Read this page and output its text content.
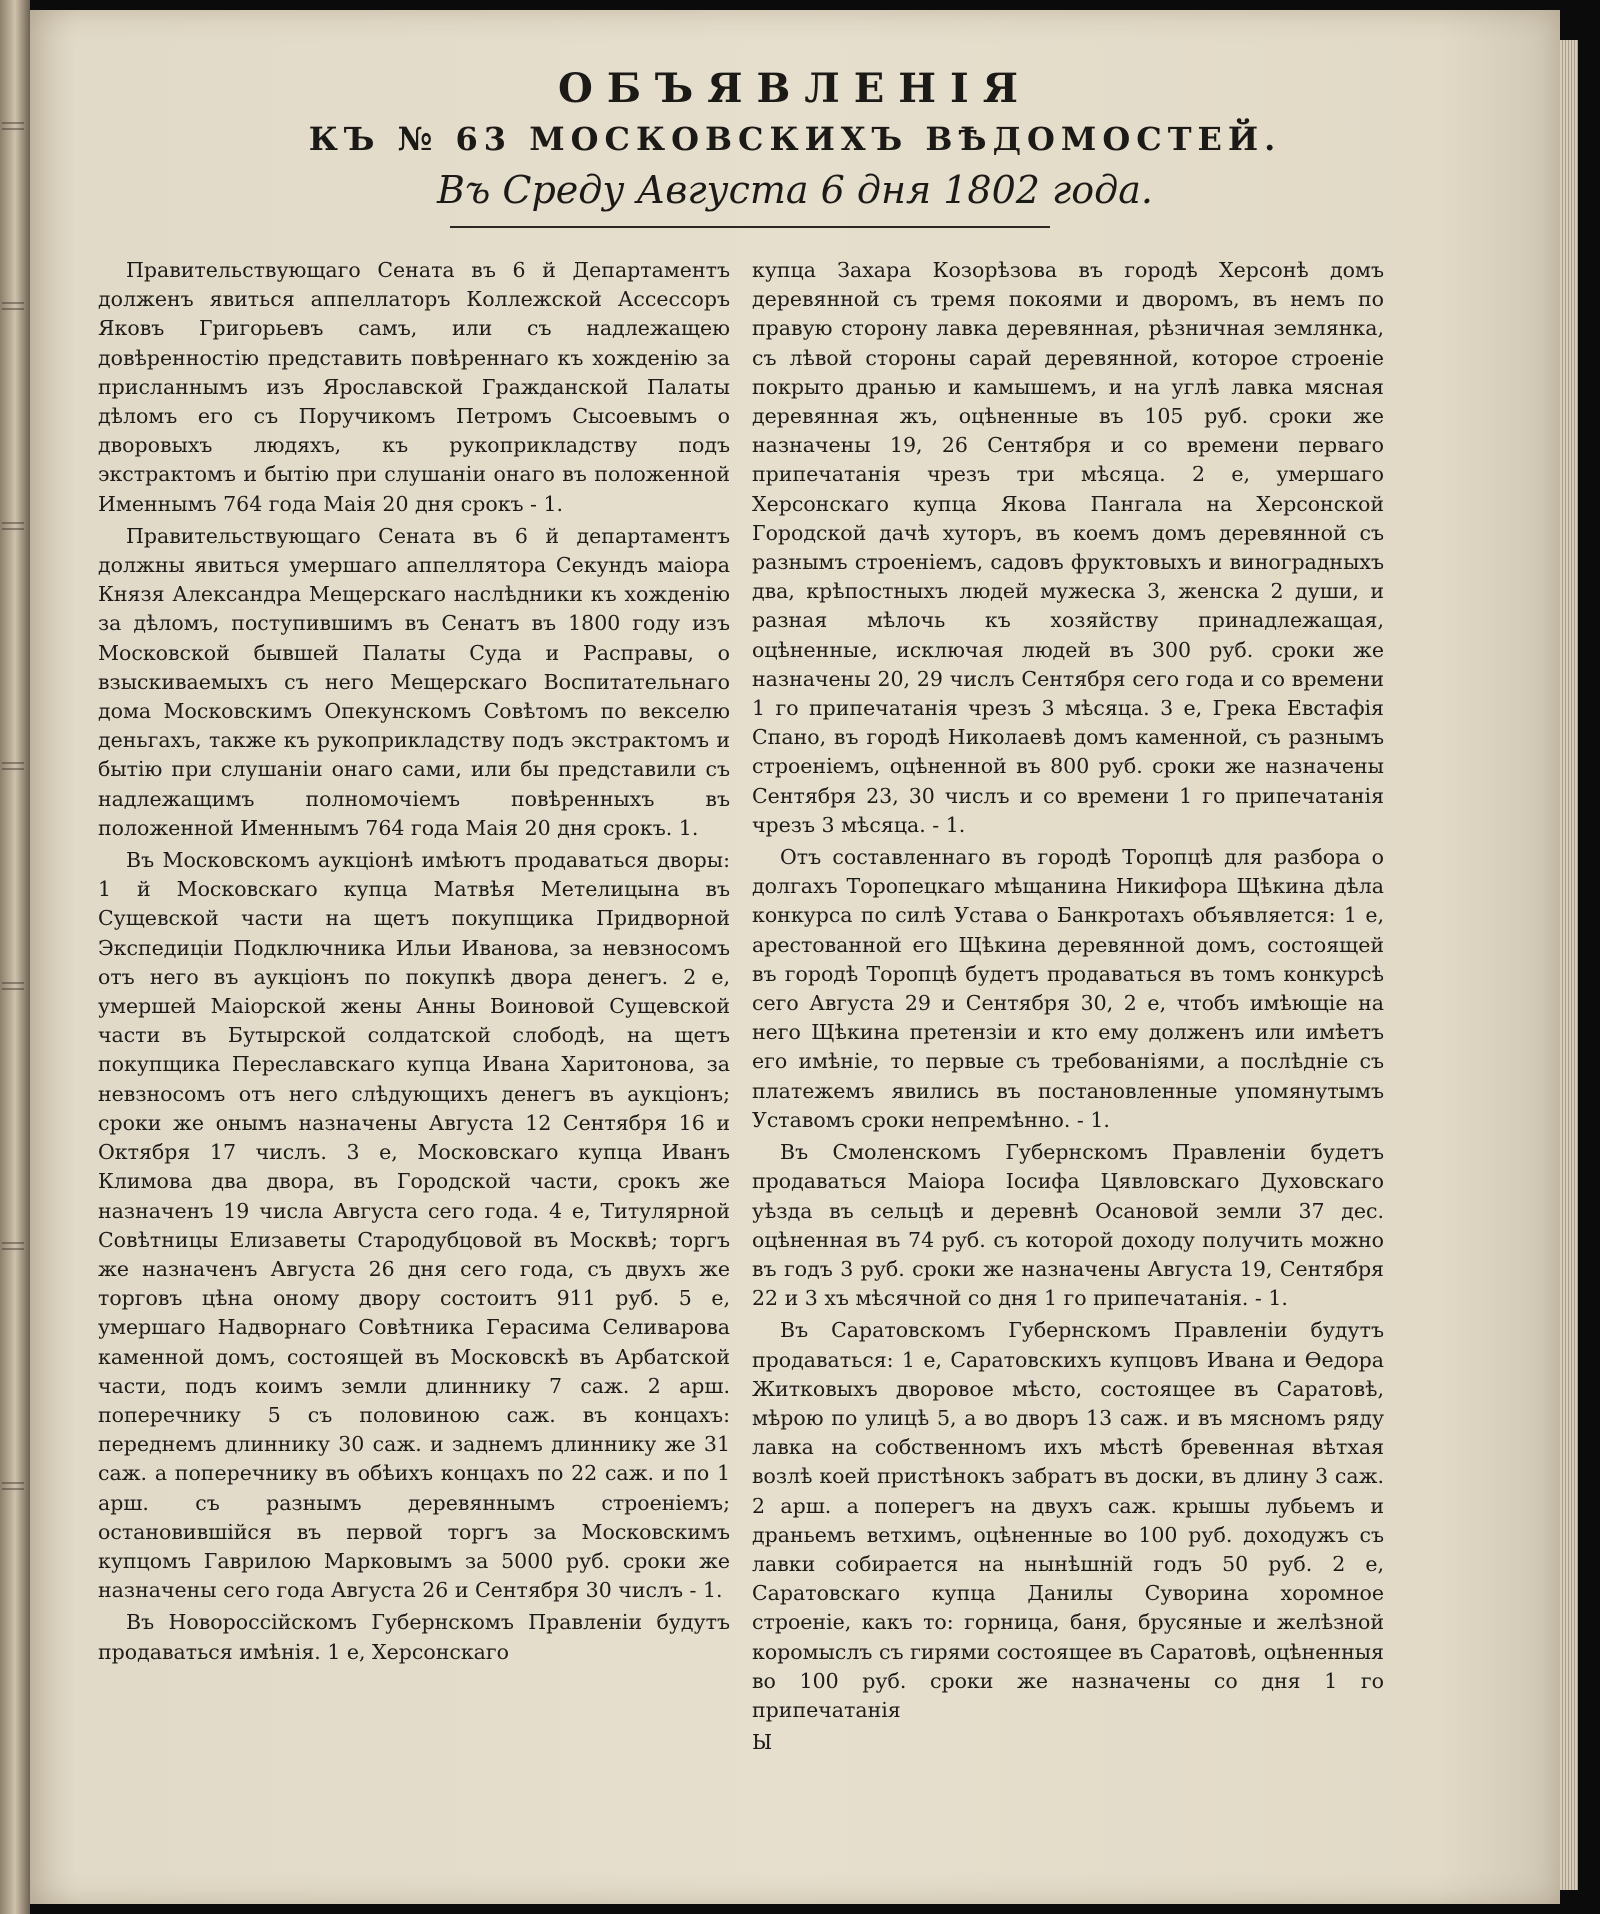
ОБЪЯВЛЕНІЯ
КЪ № 63 МОСКОВСКИХЪ ВѢДОМОСТЕЙ.
Въ Среду Августа 6 дня 1802 года.

Правительствующаго Сената въ 6 й Департаментъ долженъ явиться аппеллаторъ Коллежской Ассессоръ Яковъ Григорьевъ самъ, или съ надлежащею довѣренностію представить повѣреннаго къ хожденію за присланнымъ изъ Ярославской Гражданской Палаты дѣломъ его съ Поручикомъ Петромъ Сысоевымъ о дворовыхъ людяхъ, къ рукоприкладству подъ экстрактомъ и бытію при слушаніи онаго въ положенной Именнымъ 764 года Маія 20 дня срокъ - 1.

Правительствующаго Сената въ 6 й департаментъ должны явиться умершаго аппеллятора Секундъ маіора Князя Александра Мещерскаго наслѣдники къ хожденію за дѣломъ, поступившимъ въ Сенатъ въ 1800 году изъ Московской бывшей Палаты Суда и Расправы, о взыскиваемыхъ съ него Мещерскаго Воспитательнаго дома Московскимъ Опекунскомъ Совѣтомъ по векселю деньгахъ, также къ рукоприкладству подъ экстрактомъ и бытію при слушаніи онаго сами, или бы представили съ надлежащимъ полномочіемъ повѣренныхъ въ положенной Именнымъ 764 года Маія 20 дня срокъ. 1.

Въ Московскомъ аукціонѣ имѣютъ продаваться дворы: 1 й Московскаго купца Матвѣя Метелицына въ Сущевской части на щетъ покупщика Придворной Экспедиціи Подключника Ильи Иванова, за невзносомъ отъ него въ аукціонъ по покупкѣ двора денегъ. 2 е, умершей Маіорской жены Анны Воиновой Сущевской части въ Бутырской солдатской слободѣ, на щетъ покупщика Переславскаго купца Ивана Харитонова, за невзносомъ отъ него слѣдующихъ денегъ въ аукціонъ; сроки же онымъ назначены Августа 12 Сентября 16 и Октября 17 числъ. 3 е, Московскаго купца Иванъ Климова два двора, въ Городской части, срокъ же назначенъ 19 числа Августа сего года. 4 е, Титулярной Совѣтницы Елизаветы Стародубцовой въ Москвѣ; торгъ же назначенъ Августа 26 дня сего года, съ двухъ же торговъ цѣна оному двору состоитъ 911 руб. 5 е, умершаго Надворнаго Совѣтника Герасима Селиварова каменной домъ, состоящей въ Московскѣ въ Арбатской части, подъ коимъ земли длиннику 7 саж. 2 арш. поперечнику 5 съ половиною саж. въ концахъ: переднемъ длиннику 30 саж. и заднемъ длиннику же 31 саж. а поперечнику въ обѣихъ концахъ по 22 саж. и по 1 арш. съ разнымъ деревяннымъ строеніемъ; остановившійся въ первой торгъ за Московскимъ купцомъ Гаврилою Марковымъ за 5000 руб. сроки же назначены сего года Августа 26 и Сентября 30 числъ - 1.

Въ Новороссійскомъ Губернскомъ Правленіи будутъ продаваться имѣнія. 1 е, Херсонскаго

купца Захара Козорѣзова въ городѣ Херсонѣ домъ деревянной съ тремя покоями и дворомъ, въ немъ по правую сторону лавка деревянная, рѣзничная землянка, съ лѣвой стороны сарай деревянной, которое строеніе покрыто дранью и камышемъ, и на углѣ лавка мясная деревянная жъ, оцѣненные въ 105 руб. сроки же назначены 19, 26 Сентября и со времени перваго припечатанія чрезъ три мѣсяца. 2 е, умершаго Херсонскаго купца Якова Пангала на Херсонской Городской дачѣ хуторъ, въ коемъ домъ деревянной съ разнымъ строеніемъ, садовъ фруктовыхъ и виноградныхъ два, крѣпостныхъ людей мужеска 3, женска 2 души, и разная мѣлочь къ хозяйству принадлежащая, оцѣненные, исключая людей въ 300 руб. сроки же назначены 20, 29 числъ Сентября сего года и со времени 1 го припечатанія чрезъ 3 мѣсяца. 3 е, Грека Евстафія Спано, въ городѣ Николаевѣ домъ каменной, съ разнымъ строеніемъ, оцѣненной въ 800 руб. сроки же назначены Сентября 23, 30 числъ и со времени 1 го припечатанія чрезъ 3 мѣсяца. - 1.

Отъ составленнаго въ городѣ Торопцѣ для разбора о долгахъ Торопецкаго мѣщанина Никифора Щѣкина дѣла конкурса по силѣ Устава о Банкротахъ объявляется: 1 е, арестованной его Щѣкина деревянной домъ, состоящей въ городѣ Торопцѣ будетъ продаваться въ томъ конкурсѣ сего Августа 29 и Сентября 30, 2 е, чтобъ имѣющіе на него Щѣкина претензіи и кто ему долженъ или имѣетъ его имѣніе, то первые съ требованіями, а послѣдніе съ платежемъ явились въ постановленные упомянутымъ Уставомъ сроки непремѣнно. - 1.

Въ Смоленскомъ Губернскомъ Правленіи будетъ продаваться Маіора Іосифа Цявловскаго Духовскаго уѣзда въ сельцѣ и деревнѣ Осановой земли 37 дес. оцѣненная въ 74 руб. съ которой доходу получить можно въ годъ 3 руб. сроки же назначены Августа 19, Сентября 22 и 3 хъ мѣсячной со дня 1 го припечатанія. - 1.

Въ Саратовскомъ Губернскомъ Правленіи будутъ продаваться: 1 е, Саратовскихъ купцовъ Ивана и Ѳедора Житковыхъ дворовое мѣсто, состоящее въ Саратовѣ, мѣрою по улицѣ 5, а во дворъ 13 саж. и въ мясномъ ряду лавка на собственномъ ихъ мѣстѣ бревенная вѣтхая возлѣ коей пристѣнокъ забратъ въ доски, въ длину 3 саж. 2 арш. а поперегъ на двухъ саж. крышы лубьемъ и драньемъ ветхимъ, оцѣненные во 100 руб. доходужъ съ лавки собирается на нынѣшній годъ 50 руб. 2 е, Саратовскаго купца Данилы Суворина хоромное строеніе, какъ то: горница, баня, брусяные и желѣзной коромыслъ съ гирями состоящее въ Саратовѣ, оцѣненныя во 100 руб. сроки же назначены со дня 1 го припечатанія

Ы
